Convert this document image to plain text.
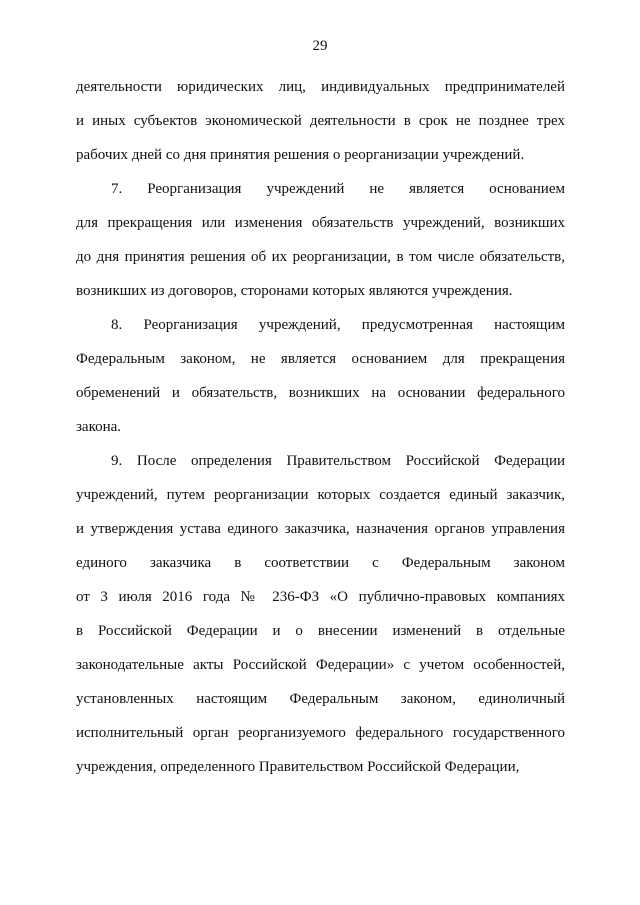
29
деятельности юридических лиц, индивидуальных предпринимателей
и иных субъектов экономической деятельности в срок не позднее трех
рабочих дней со дня принятия решения о реорганизации учреждений.
7. Реорганизация учреждений не является основанием
для прекращения или изменения обязательств учреждений, возникших
до дня принятия решения об их реорганизации, в том числе обязательств,
возникших из договоров, сторонами которых являются учреждения.
8. Реорганизация учреждений, предусмотренная настоящим
Федеральным законом, не является основанием для прекращения
обременений и обязательств, возникших на основании федерального
закона.
9. После определения Правительством Российской Федерации
учреждений, путем реорганизации которых создается единый заказчик,
и утверждения устава единого заказчика, назначения органов управления
единого заказчика в соответствии с Федеральным законом
от 3 июля 2016 года № 236-ФЗ «О публично-правовых компаниях
в Российской Федерации и о внесении изменений в отдельные
законодательные акты Российской Федерации» с учетом особенностей,
установленных настоящим Федеральным законом, единоличный
исполнительный орган реорганизуемого федерального государственного
учреждения, определенного Правительством Российской Федерации,
